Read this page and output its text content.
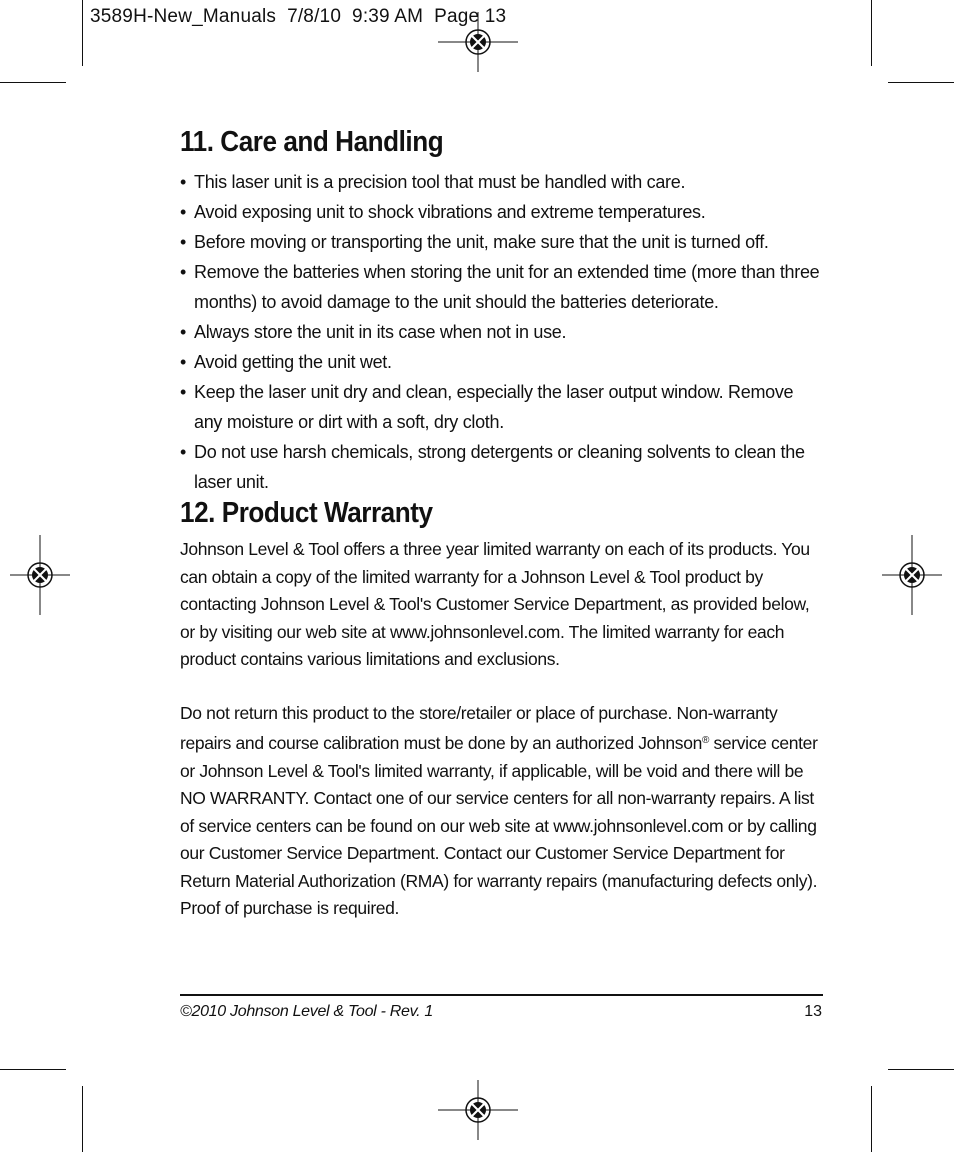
3589H-New_Manuals  7/8/10  9:39 AM  Page 13
11. Care and Handling
• This laser unit is a precision tool that must be handled with care.
• Avoid exposing unit to shock vibrations and extreme temperatures.
• Before moving or transporting the unit, make sure that the unit is turned off.
• Remove the batteries when storing the unit for an extended time (more than three months) to avoid damage to the unit should the batteries deteriorate.
• Always store the unit in its case when not in use.
• Avoid getting the unit wet.
• Keep the laser unit dry and clean, especially the laser output window. Remove any moisture or dirt with a soft, dry cloth.
• Do not use harsh chemicals, strong detergents or cleaning solvents to clean the laser unit.
12. Product Warranty

Johnson Level & Tool offers a three year limited warranty on each of its products. You can obtain a copy of the limited warranty for a Johnson Level & Tool product by contacting Johnson Level & Tool's Customer Service Department, as provided below, or by visiting our web site at www.johnsonlevel.com. The limited warranty for each product contains various limitations and exclusions.

Do not return this product to the store/retailer or place of purchase. Non-warranty repairs and course calibration must be done by an authorized Johnson® service center or Johnson Level & Tool's limited warranty, if applicable, will be void and there will be NO WARRANTY. Contact one of our service centers for all non-warranty repairs. A list of service centers can be found on our web site at www.johnsonlevel.com or by calling our Customer Service Department. Contact our Customer Service Department for Return Material Authorization (RMA) for warranty repairs (manufacturing defects only). Proof of purchase is required.

©2010 Johnson Level & Tool - Rev. 1	13
